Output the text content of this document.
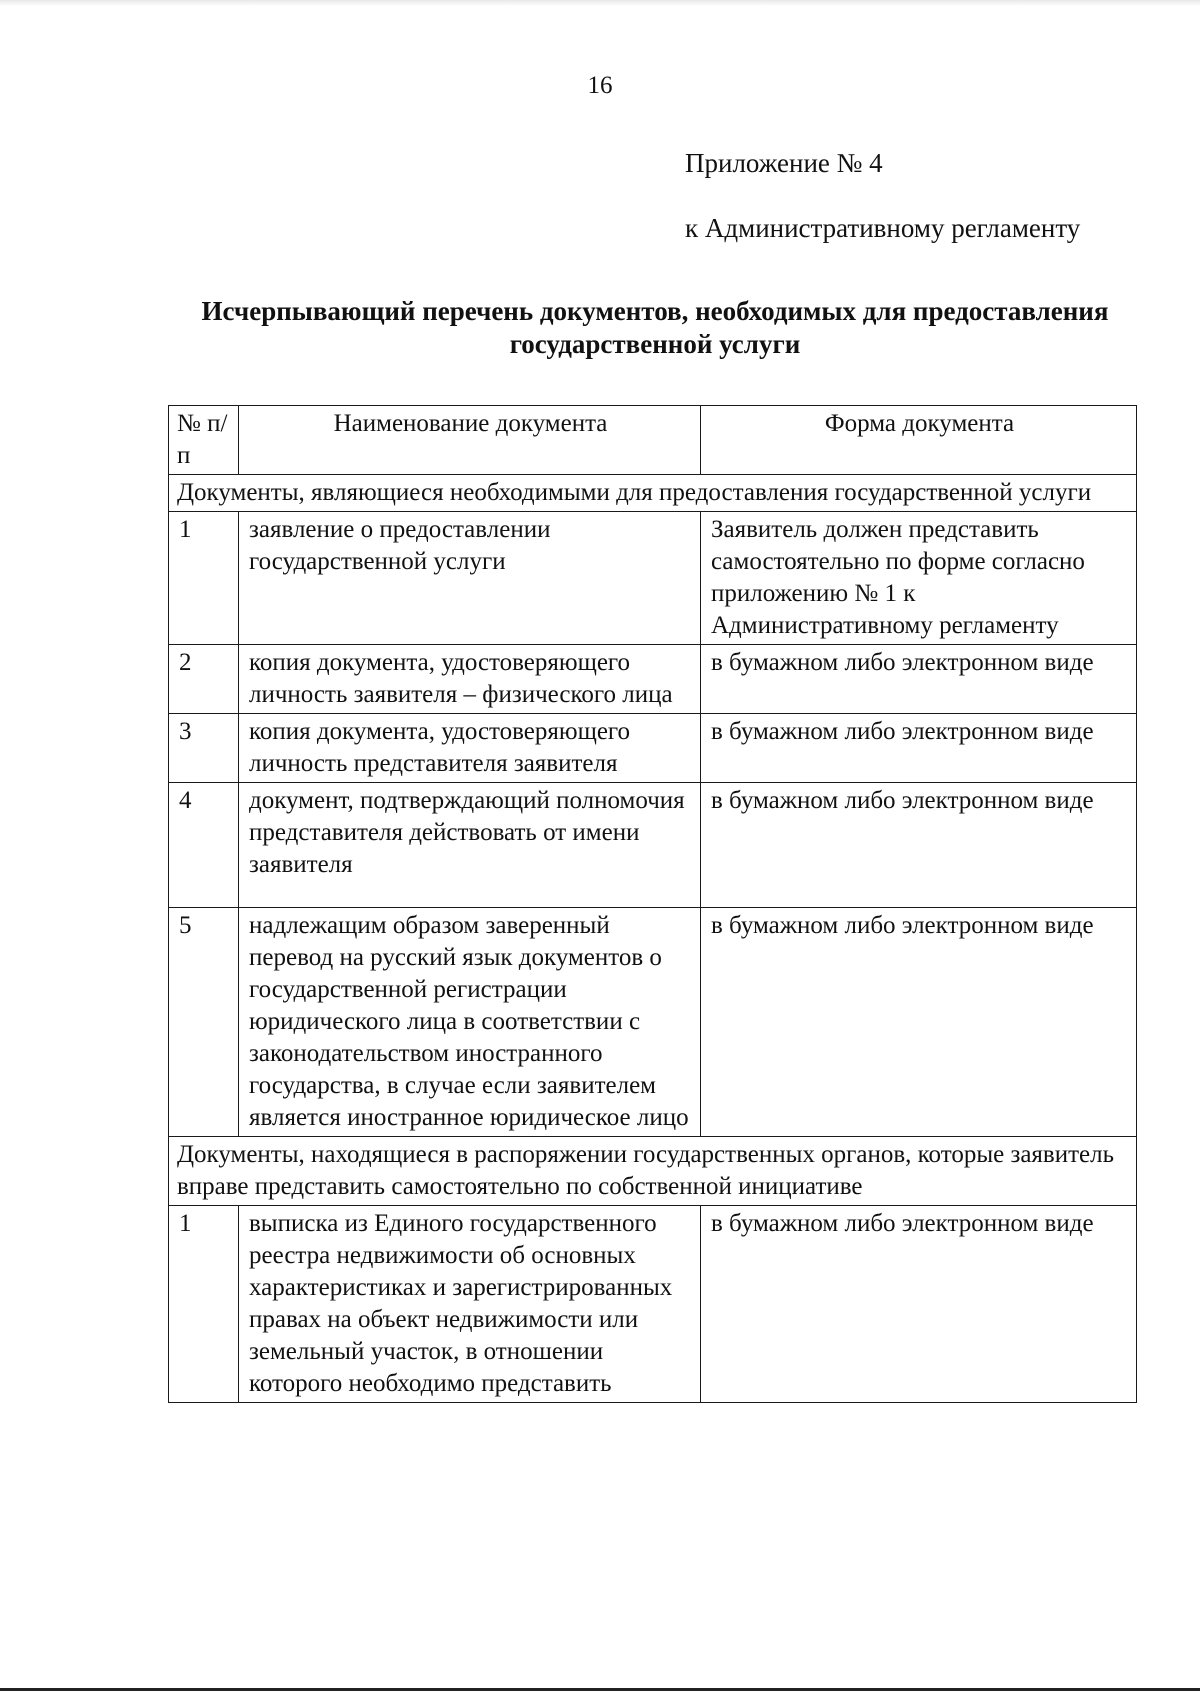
16
Приложение № 4
к Административному регламенту
Исчерпывающий перечень документов, необходимых для предоставления государственной услуги
№ п/п	Наименование документа	Форма документа
Документы, являющиеся необходимыми для предоставления государственной услуги		
1	заявление о предоставлении государственной услуги	Заявитель должен представить самостоятельно по форме согласно приложению № 1 к Административному регламенту
2	копия документа, удостоверяющего личность заявителя – физического лица	в бумажном либо электронном виде
3	копия документа, удостоверяющего личность представителя заявителя	в бумажном либо электронном виде
4	документ, подтверждающий полномочия представителя действовать от имени заявителя	в бумажном либо электронном виде
5	надлежащим образом заверенный перевод на русский язык документов о государственной регистрации юридического лица в соответствии с законодательством иностранного государства, в случае если заявителем является иностранное юридическое лицо	в бумажном либо электронном виде
Документы, находящиеся в распоряжении государственных органов, которые заявитель вправе представить самостоятельно по собственной инициативе		
1	выписка из Единого государственного реестра недвижимости об основных характеристиках и зарегистрированных правах на объект недвижимости или земельный участок, в отношении которого необходимо представить	в бумажном либо электронном виде
